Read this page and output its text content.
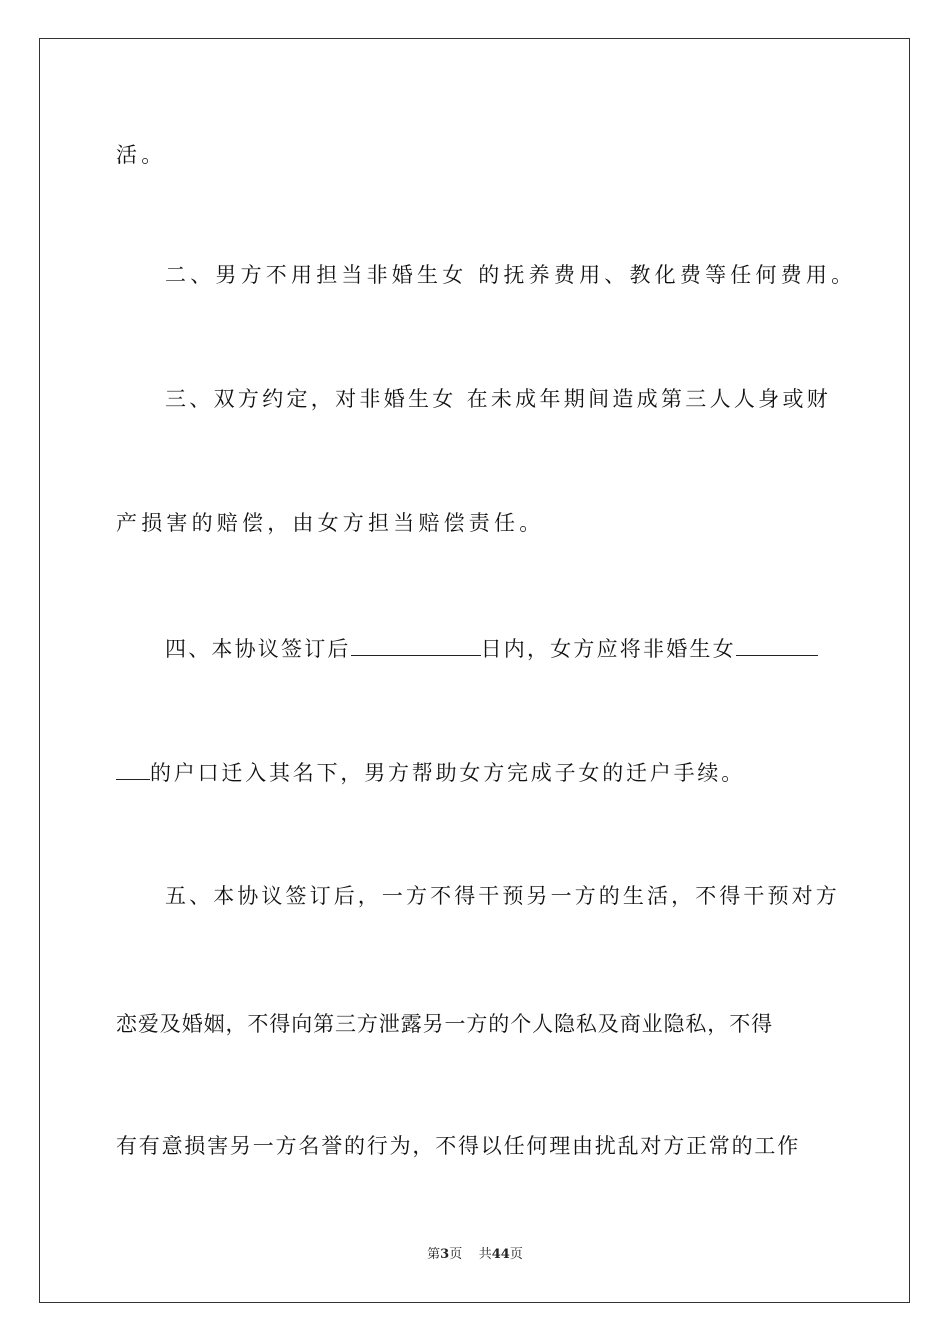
活。
二、男方不用担当非婚生女 的抚养费用、教化费等任何费用。
三、双方约定，对非婚生女 在未成年期间造成第三人人身或财
产损害的赔偿，由女方担当赔偿责任。
四、本协议签订后	日内，女方应将非婚生女
的户口迁入其名下，男方帮助女方完成子女的迁户手续。
五、本协议签订后，一方不得干预另一方的生活，不得干预对方
恋爱及婚姻，不得向第三方泄露另一方的个人隐私及商业隐私，不得
有有意损害另一方名誉的行为，不得以任何理由扰乱对方正常的工作
第3页 共44页
